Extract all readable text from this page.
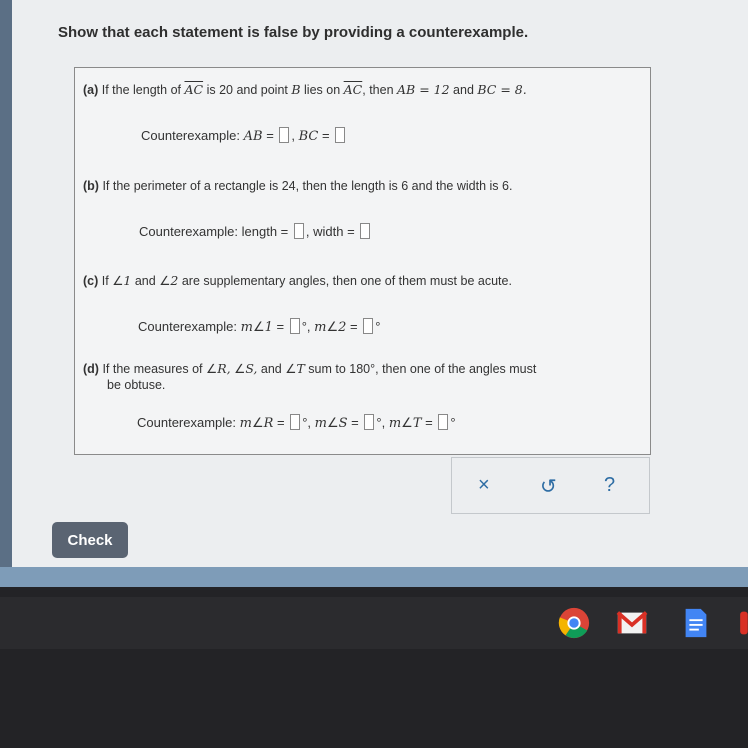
Show that each statement is false by providing a counterexample.
(a) If the length of $\overline{AC}$ is 20 and point B lies on $\overline{AC}$, then AB = 12 and BC = 8.
Counterexample: AB = , BC =
(b) If the perimeter of a rectangle is 24, then the length is 6 and the width is 6.
Counterexample: length = , width =
(c) If ∠1 and ∠2 are supplementary angles, then one of them must be acute.
Counterexample: m∠1 = °, m∠2 = °
(d) If the measures of ∠R, ∠S, and ∠T sum to 180°, then one of the angles must
be obtuse.
Counterexample: m∠R = °, m∠S = °, m∠T = °
×	↺ ?
Check
